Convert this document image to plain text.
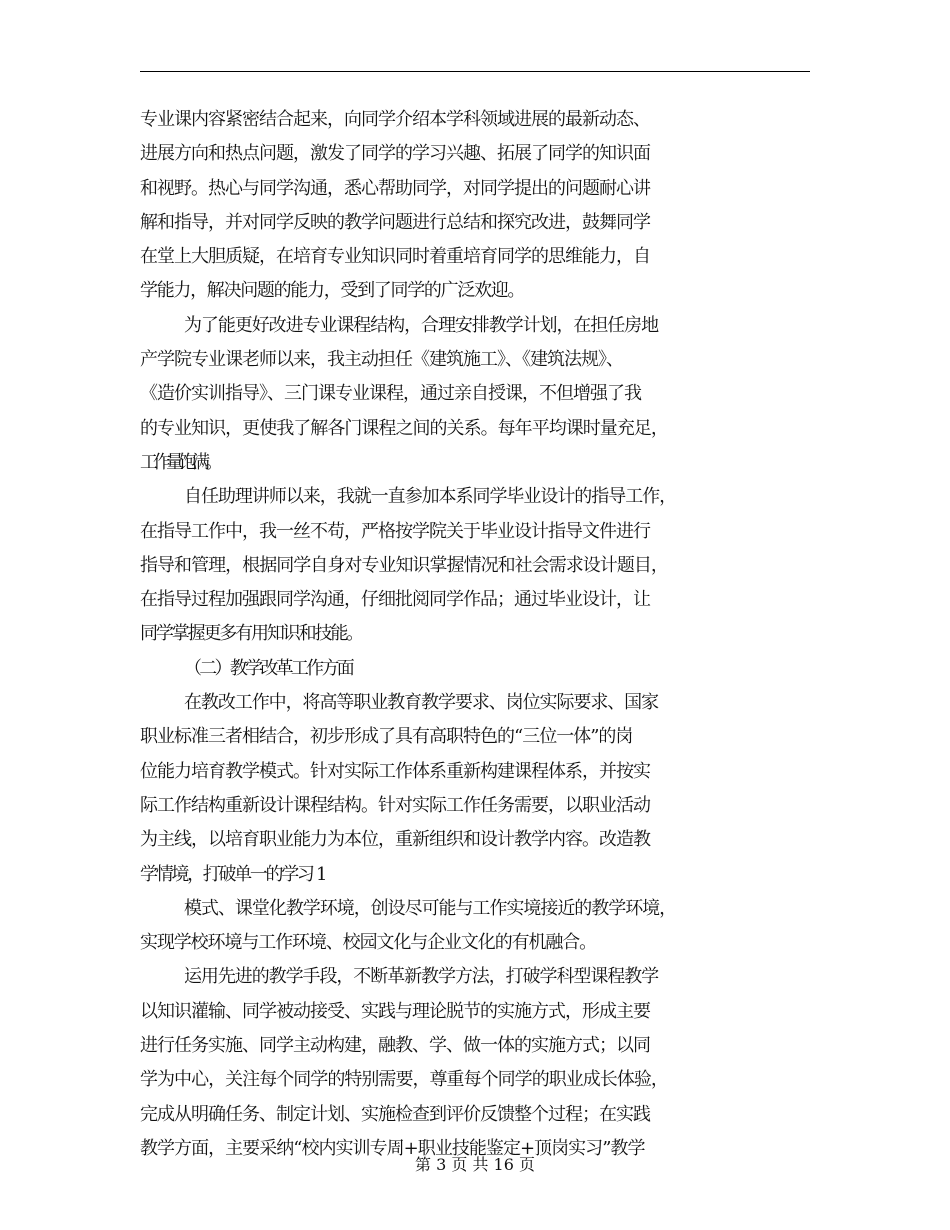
专业课内容紧密结合起来，向同学介绍本学科领域进展的最新动态、
进展方向和热点问题，激发了同学的学习兴趣、拓展了同学的知识面
和视野。热心与同学沟通，悉心帮助同学，对同学提出的问题耐心讲
解和指导，并对同学反映的教学问题进行总结和探究改进，鼓舞同学
在堂上大胆质疑，在培育专业知识同时着重培育同学的思维能力，自
学能力，解决问题的能力，受到了同学的广泛欢迎。
为了能更好改进专业课程结构，合理安排教学计划，在担任房地
产学院专业课老师以来，我主动担任《建筑施工》、《建筑法规》、
《造价实训指导》、三门课专业课程，通过亲自授课，不但增强了我
的专业知识，更使我了解各门课程之间的关系。每年平均课时量充足，
工作量饱满。
自任助理讲师以来，我就一直参加本系同学毕业设计的指导工作，
在指导工作中，我一丝不苟，严格按学院关于毕业设计指导文件进行
指导和管理，根据同学自身对专业知识掌握情况和社会需求设计题目，
在指导过程加强跟同学沟通，仔细批阅同学作品；通过毕业设计，让
同学掌握更多有用知识和技能。
（二）教学改革工作方面
在教改工作中，将高等职业教育教学要求、岗位实际要求、国家
职业标准三者相结合，初步形成了具有高职特色的“三位一体”的岗
位能力培育教学模式。针对实际工作体系重新构建课程体系，并按实
际工作结构重新设计课程结构。针对实际工作任务需要，以职业活动
为主线，以培育职业能力为本位，重新组织和设计教学内容。改造教
学情境，打破单一的学习 1
模式、课堂化教学环境，创设尽可能与工作实境接近的教学环境，
实现学校环境与工作环境、校园文化与企业文化的有机融合。
运用先进的教学手段，不断革新教学方法，打破学科型课程教学
以知识灌输、同学被动接受、实践与理论脱节的实施方式，形成主要
进行任务实施、同学主动构建，融教、学、做一体的实施方式；以同
学为中心，关注每个同学的特别需要，尊重每个同学的职业成长体验，
完成从明确任务、制定计划、实施检查到评价反馈整个过程；在实践
教学方面，主要采纳“校内实训专周+职业技能鉴定+顶岗实习”教学
第 3 页 共 16 页
